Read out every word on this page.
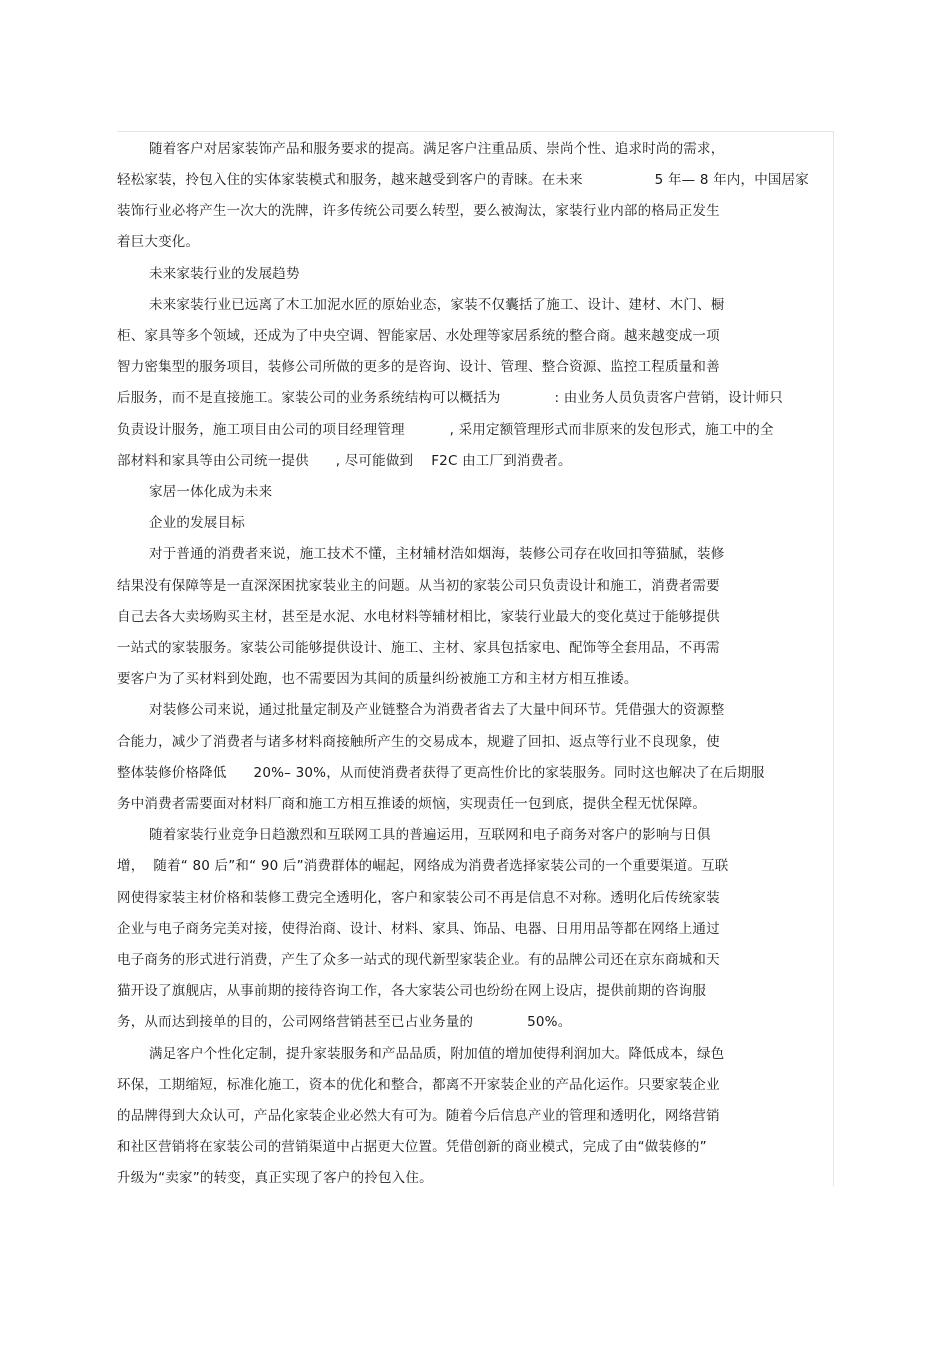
随着客户对居家装饰产品和服务要求的提高。满足客户注重品质、崇尚个性、追求时尚的需求，
轻松家装，拎包入住的实体家装模式和服务，越来越受到客户的青睐。在未来                5 年— 8 年内，中国居家
装饰行业必将产生一次大的洗牌，许多传统公司要么转型，要么被淘汰，家装行业内部的格局正发生
着巨大变化。
未来家装行业的发展趋势
未来家装行业已远离了木工加泥水匠的原始业态，家装不仅囊括了施工、设计、建材、木门、橱
柜、家具等多个领域，还成为了中央空调、智能家居、水处理等家居系统的整合商。越来越变成一项
智力密集型的服务项目，装修公司所做的更多的是咨询、设计、管理、整合资源、监控工程质量和善
后服务，而不是直接施工。家装公司的业务系统结构可以概括为            : 由业务人员负责客户营销，设计师只
负责设计服务，施工项目由公司的项目经理管理          , 采用定额管理形式而非原来的发包形式，施工中的全
部材料和家具等由公司统一提供      , 尽可能做到    F2C 由工厂到消费者。
家居一体化成为未来
企业的发展目标
对于普通的消费者来说，施工技术不懂，主材辅材浩如烟海，装修公司存在收回扣等猫腻，装修
结果没有保障等是一直深深困扰家装业主的问题。从当初的家装公司只负责设计和施工，消费者需要
自己去各大卖场购买主材，甚至是水泥、水电材料等辅材相比，家装行业最大的变化莫过于能够提供
一站式的家装服务。家装公司能够提供设计、施工、主材、家具包括家电、配饰等全套用品，不再需
要客户为了买材料到处跑，也不需要因为其间的质量纠纷被施工方和主材方相互推诿。
对装修公司来说，通过批量定制及产业链整合为消费者省去了大量中间环节。凭借强大的资源整
合能力，减少了消费者与诸多材料商接触所产生的交易成本，规避了回扣、返点等行业不良现象，使
整体装修价格降低      20%– 30%，从而使消费者获得了更高性价比的家装服务。同时这也解决了在后期服
务中消费者需要面对材料厂商和施工方相互推诿的烦恼，实现责任一包到底，提供全程无忧保障。
随着家装行业竞争日趋激烈和互联网工具的普遍运用，互联网和电子商务对客户的影响与日俱
增，  随着“ 80 后”和“ 90 后”消费群体的崛起，网络成为消费者选择家装公司的一个重要渠道。互联
网使得家装主材价格和装修工费完全透明化，客户和家装公司不再是信息不对称。透明化后传统家装
企业与电子商务完美对接，使得治商、设计、材料、家具、饰品、电器、日用用品等都在网络上通过
电子商务的形式进行消费，产生了众多一站式的现代新型家装企业。有的品牌公司还在京东商城和天
猫开设了旗舰店，从事前期的接待咨询工作，各大家装公司也纷纷在网上设店，提供前期的咨询服
务，从而达到接单的目的，公司网络营销甚至已占业务量的            50%。
满足客户个性化定制，提升家装服务和产品品质，附加值的增加使得利润加大。降低成本，绿色
环保，工期缩短，标准化施工，资本的优化和整合，都离不开家装企业的产品化运作。只要家装企业
的品牌得到大众认可，产品化家装企业必然大有可为。随着今后信息产业的管理和透明化，网络营销
和社区营销将在家装公司的营销渠道中占据更大位置。凭借创新的商业模式，完成了由“做装修的”
升级为“卖家”的转变，真正实现了客户的拎包入住。
